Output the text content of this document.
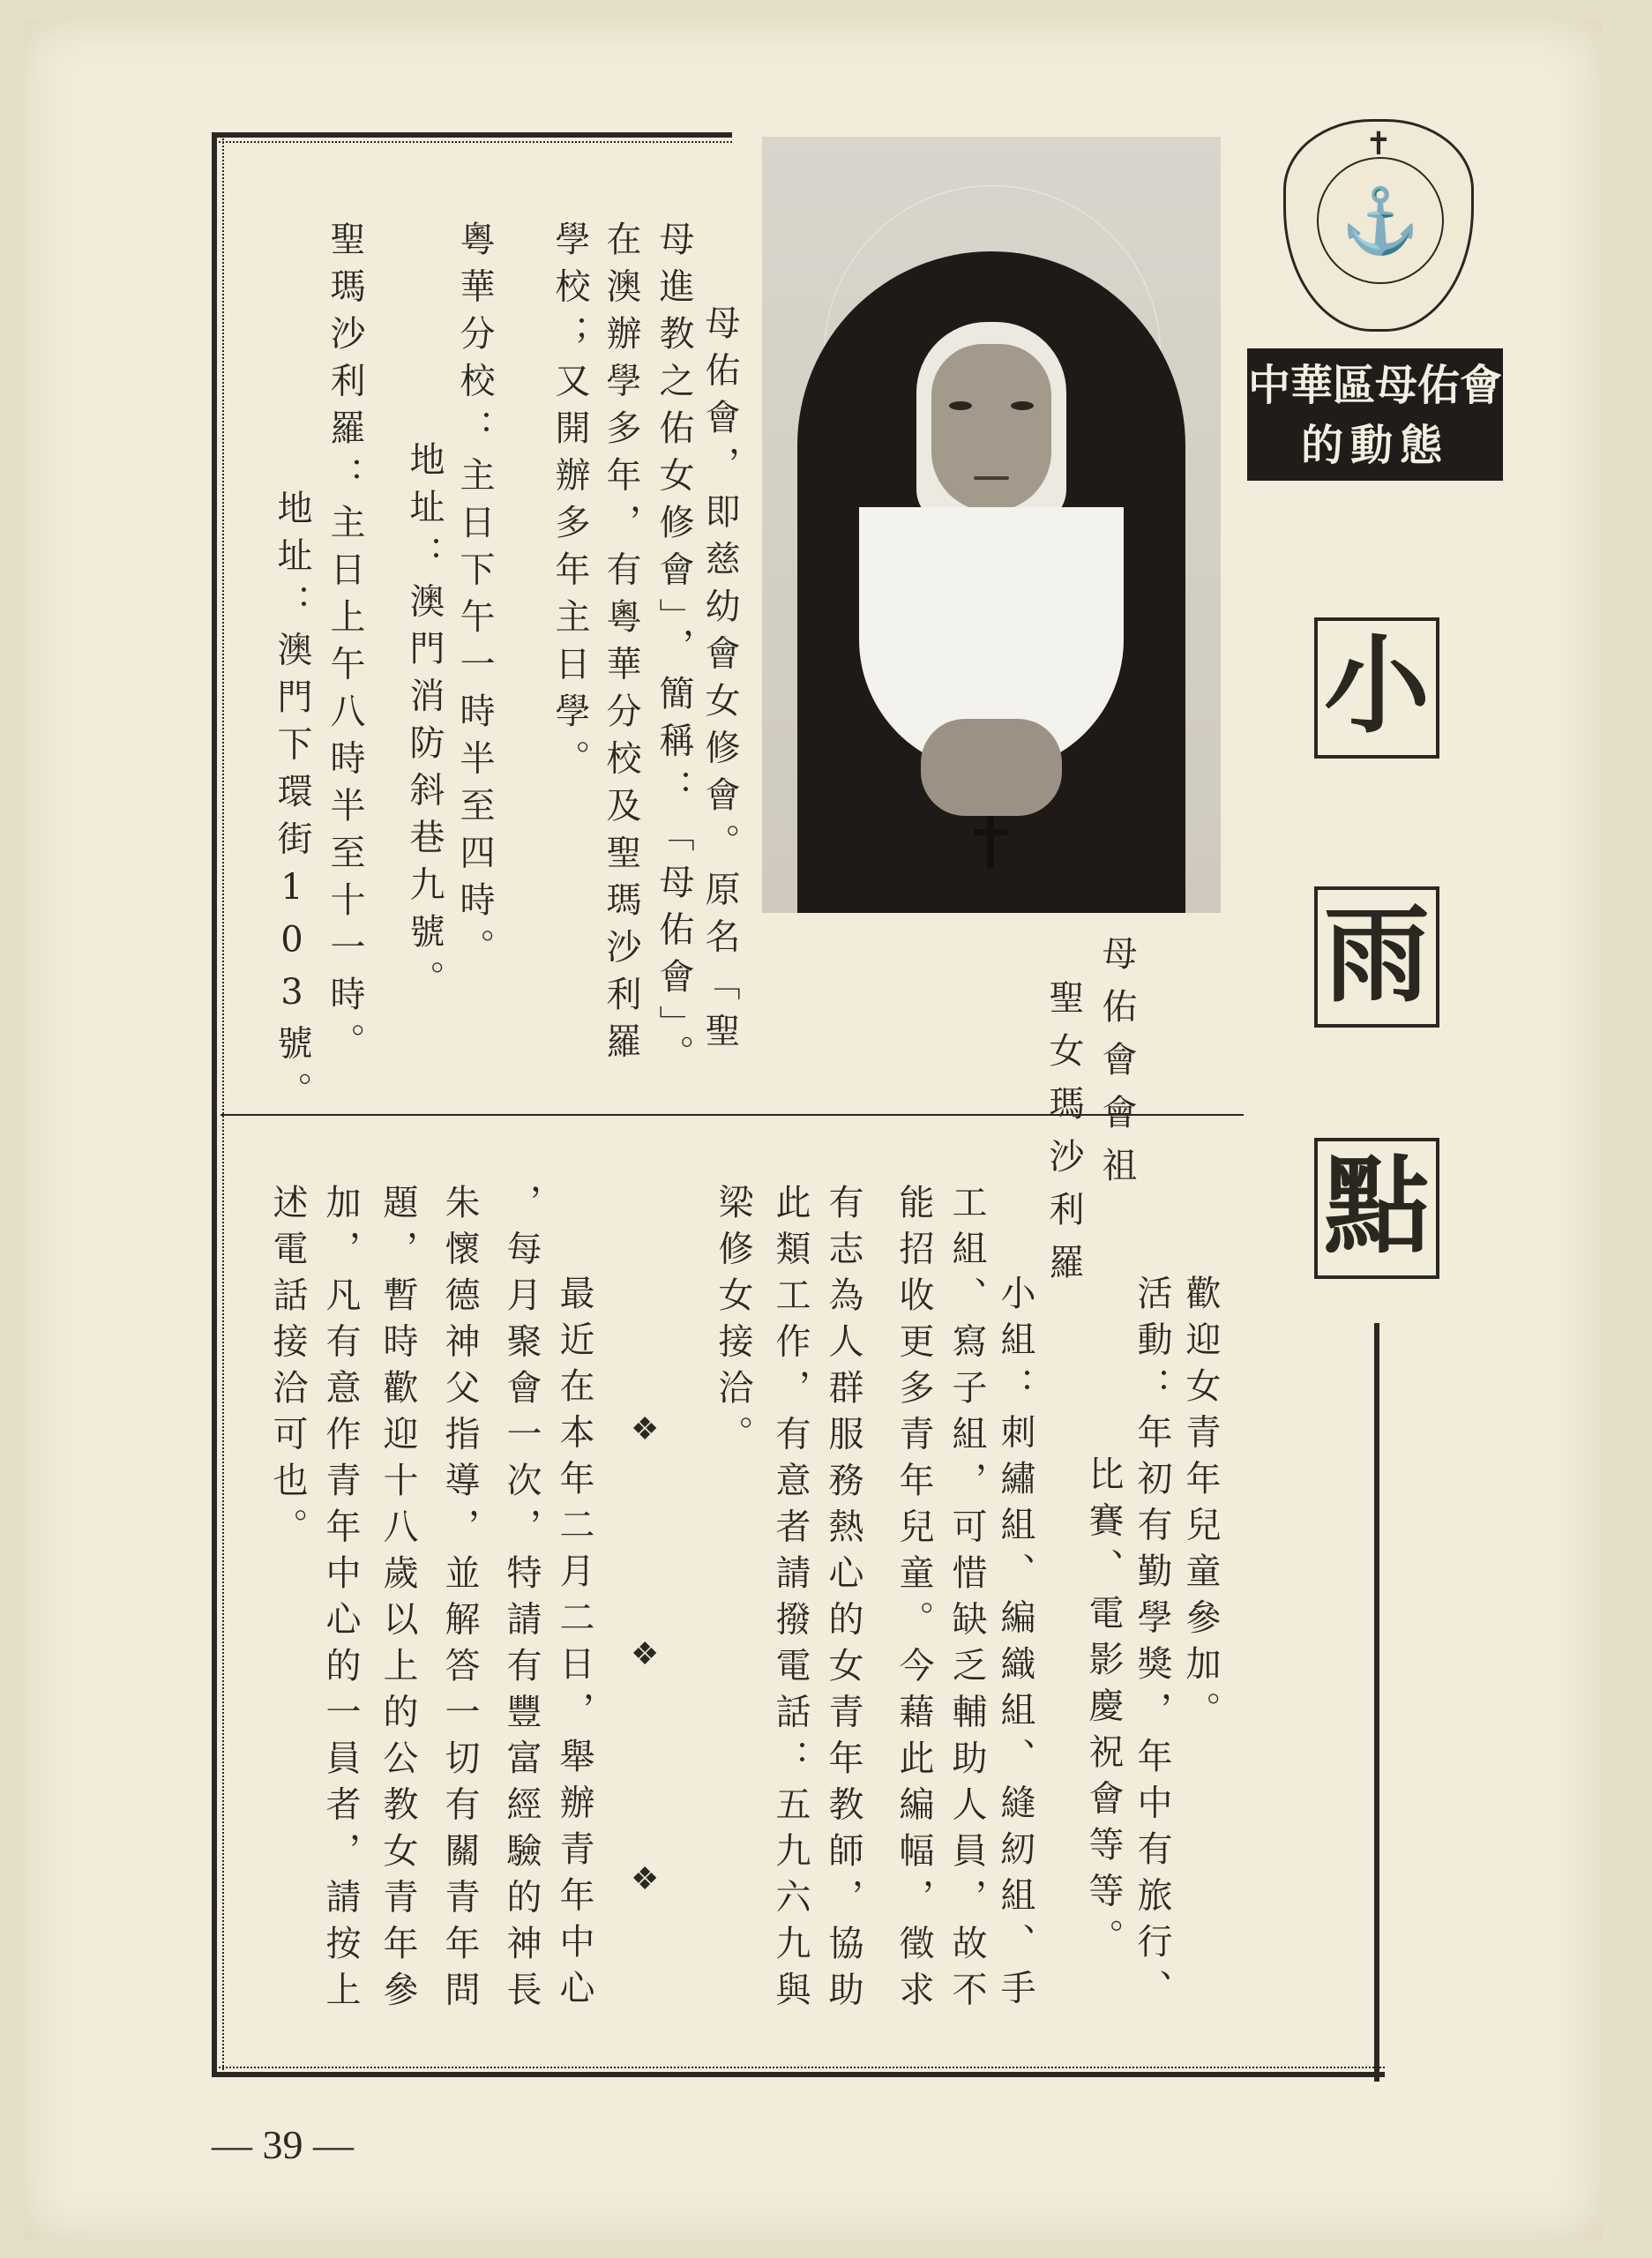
✝
⚓
中華區母佑會
的動態
小
雨
點
母佑會會祖
聖女瑪沙利羅
母佑會，即慈幼會女修會。原名「聖
母進教之佑女修會」，簡稱：「母佑會」。
在澳辦學多年，有粵華分校及聖瑪沙利羅
學校；又開辦多年主日學。
粵華分校：主日下午一時半至四時。
地址：澳門消防斜巷九號。
聖瑪沙利羅：主日上午八時半至十一時。
地址：澳門下環街103號。
歡迎女青年兒童參加。
活動：年初有勤學獎，年中有旅行、
比賽、電影慶祝會等等。
小組：刺繡組、編織組、縫紉組、手
工組、寫子組，可惜缺乏輔助人員，故不
能招收更多青年兒童。今藉此編幅，徵求
有志為人群服務熱心的女青年教師，協助
此類工作，有意者請撥電話：五九六九與
梁修女接洽。
❖
❖
❖
最近在本年二月二日，舉辦青年中心
，每月聚會一次，特請有豐富經驗的神長
朱懷德神父指導，並解答一切有關青年問
題，暫時歡迎十八歲以上的公教女青年參
加，凡有意作青年中心的一員者，請按上
述電話接洽可也。
— 39 —
